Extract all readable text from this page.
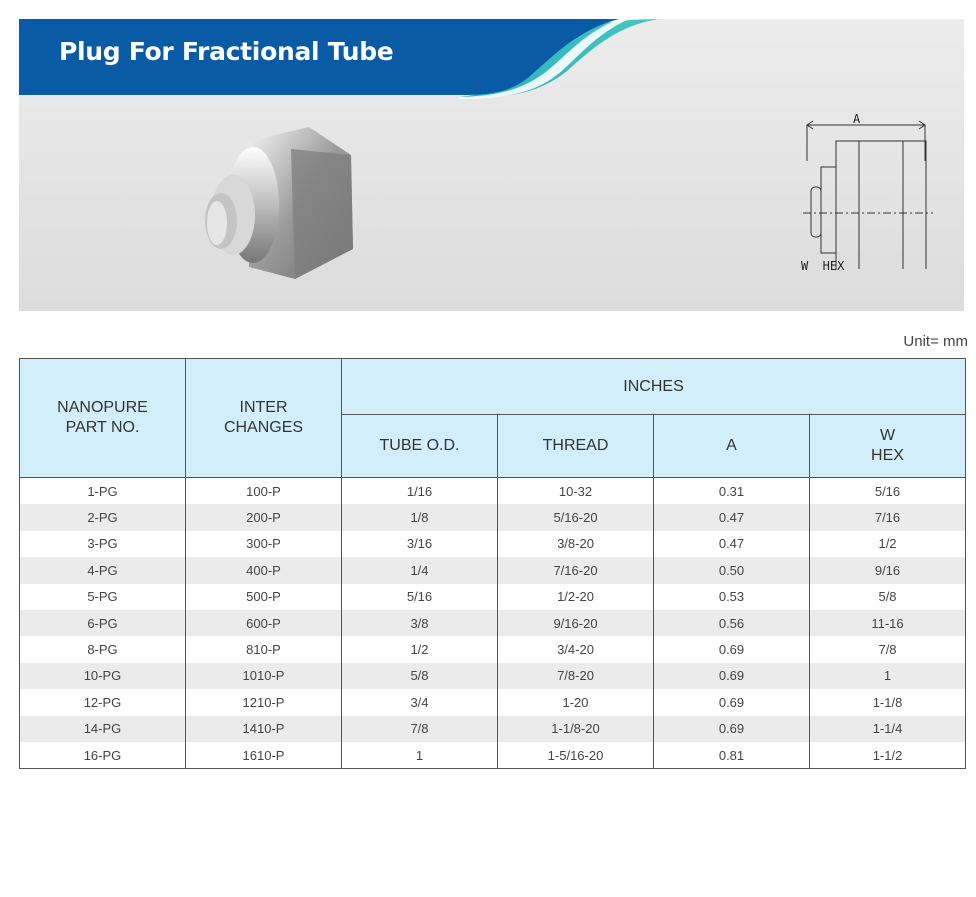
Plug For Fractional Tube
A
W  HEX
Unit= mm
NANOPURE PART NO.	INTER CHANGES	INCHES			
		TUBE O.D.	THREAD	A	W HEX
1-PG	100-P	1/16	10-32	0.31	5/16
2-PG	200-P	1/8	5/16-20	0.47	7/16
3-PG	300-P	3/16	3/8-20	0.47	1/2
4-PG	400-P	1/4	7/16-20	0.50	9/16
5-PG	500-P	5/16	1/2-20	0.53	5/8
6-PG	600-P	3/8	9/16-20	0.56	11-16
8-PG	810-P	1/2	3/4-20	0.69	7/8
10-PG	1010-P	5/8	7/8-20	0.69	1
12-PG	1210-P	3/4	1-20	0.69	1-1/8
14-PG	1410-P	7/8	1-1/8-20	0.69	1-1/4
16-PG	1610-P	1	1-5/16-20	0.81	1-1/2
